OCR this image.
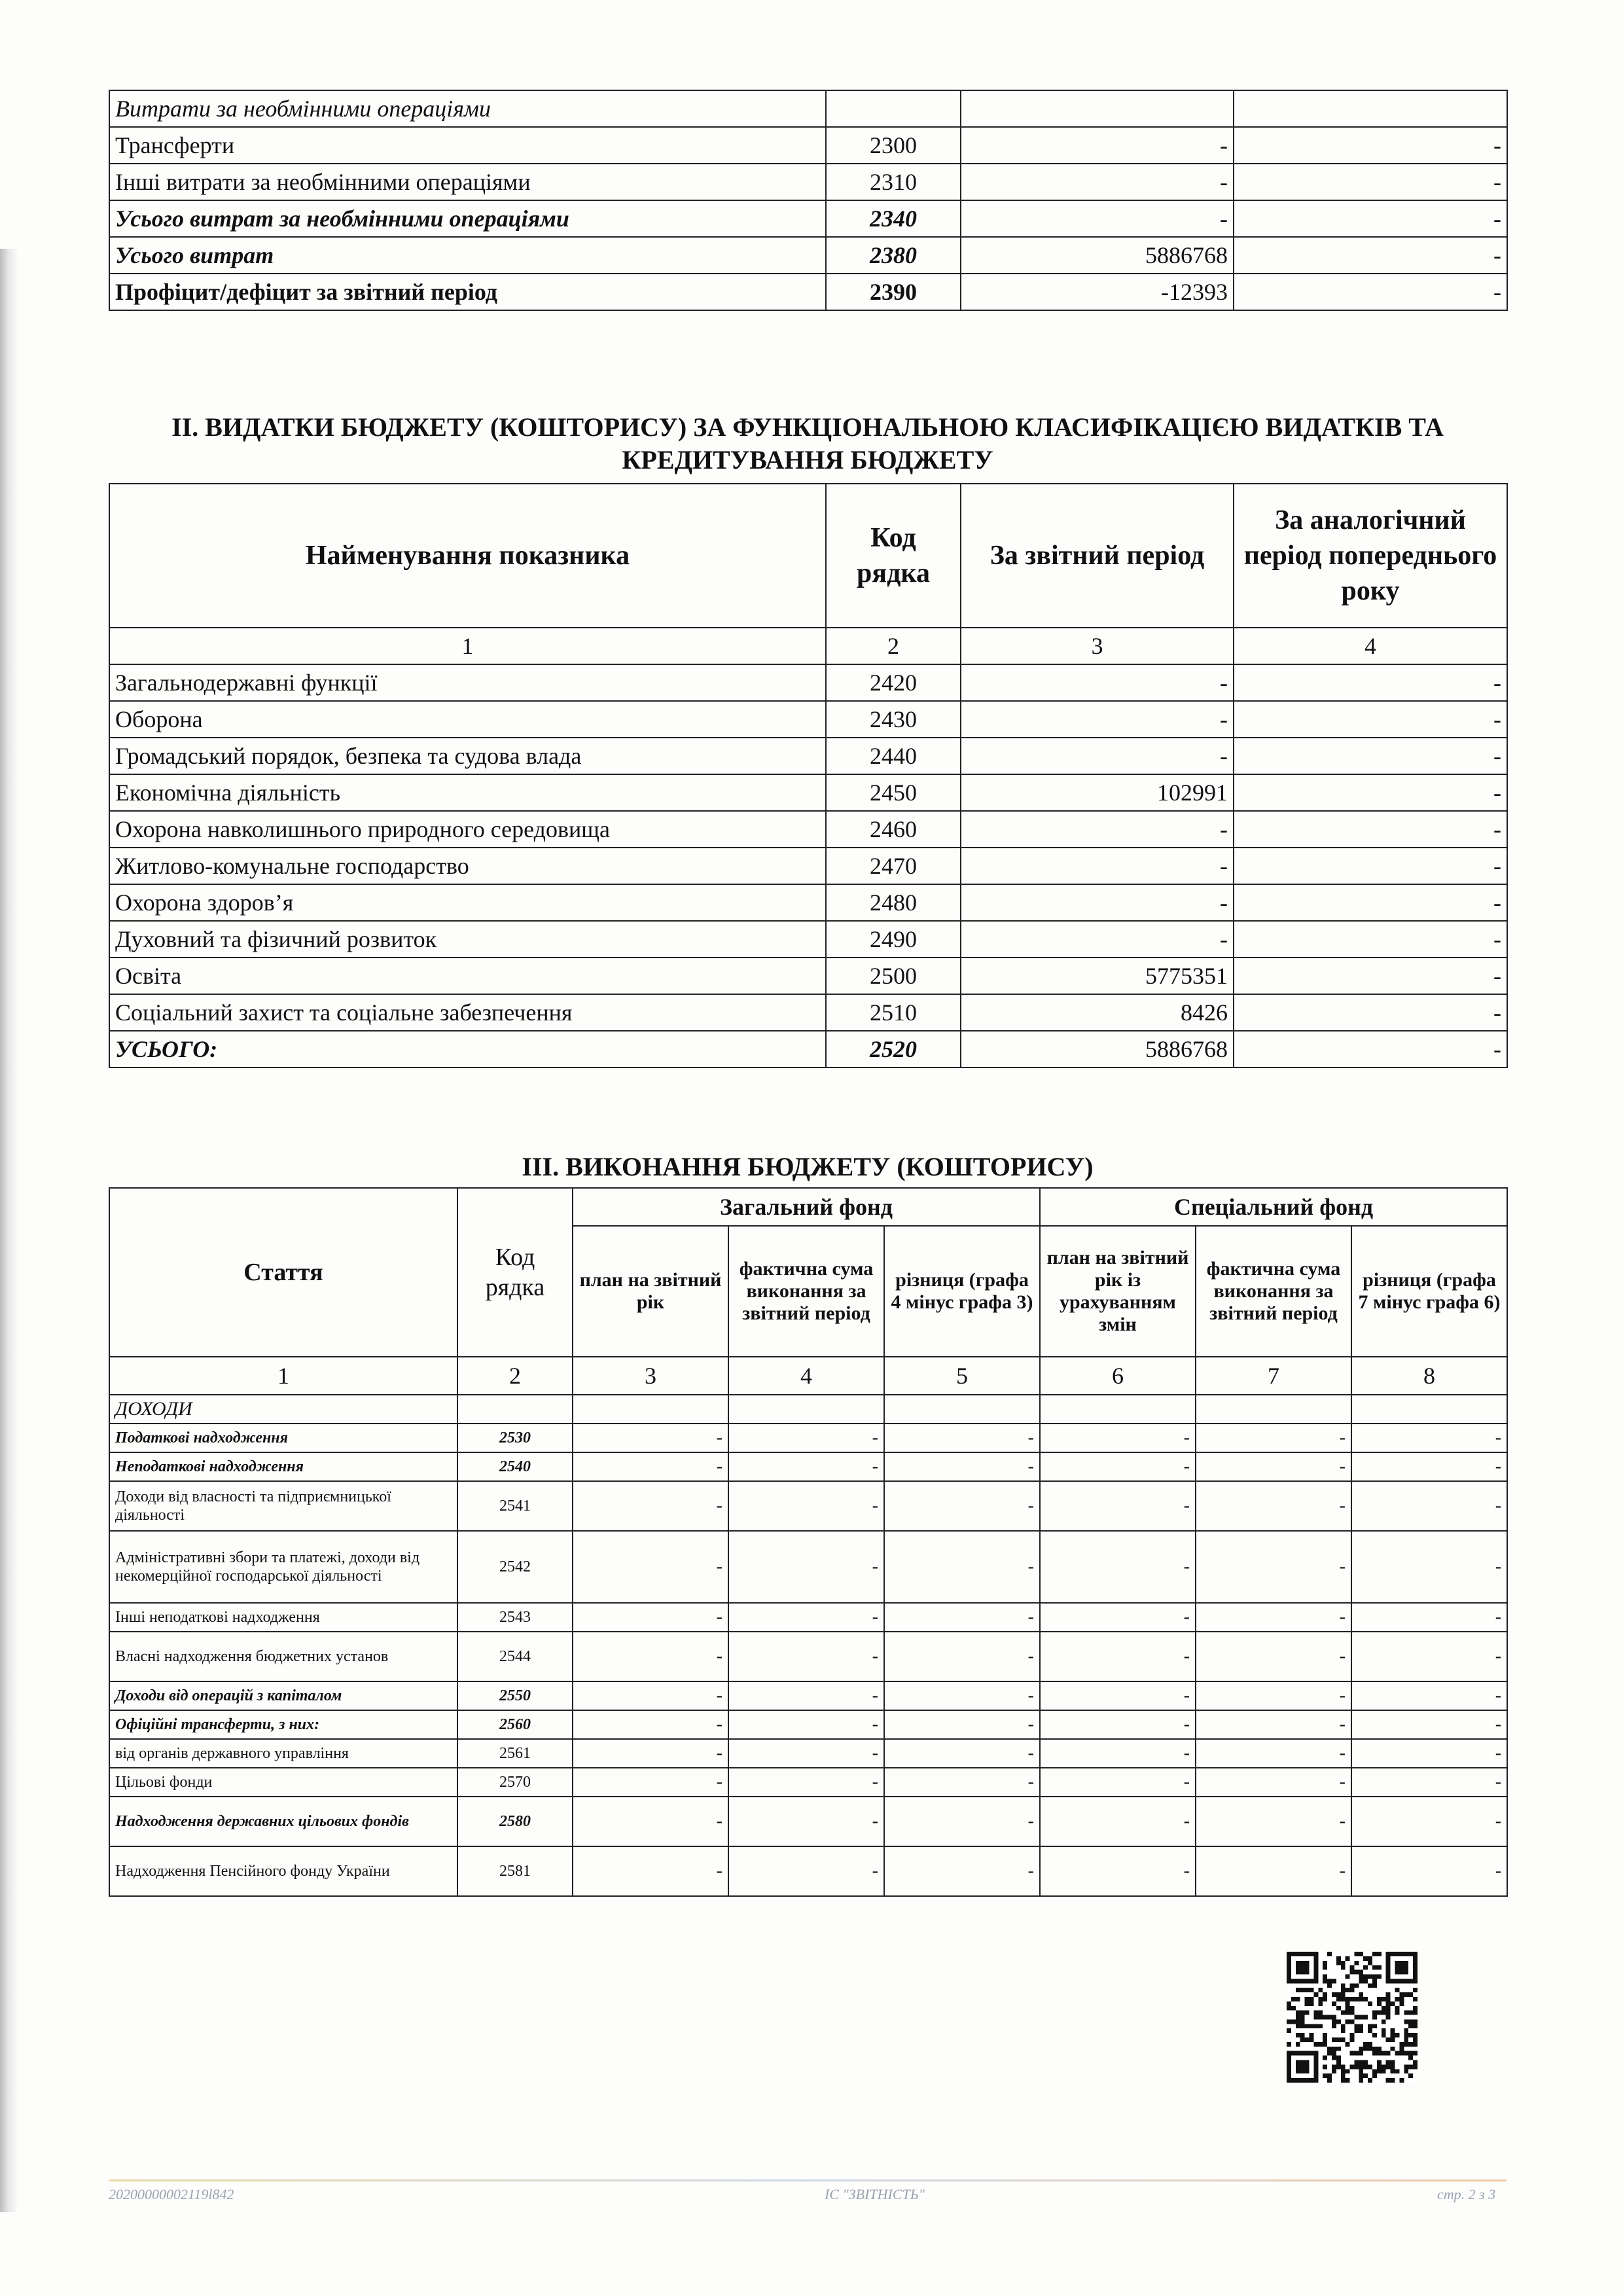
Витрати за необмінними операціями			
Трансферти	2300	-	-
Інші витрати за необмінними операціями	2310	-	-
Усього витрат за необмінними операціями	2340	-	-
Усього витрат	2380	5886768	-
Профіцит/дефіцит за звітний період	2390	-12393	-
II. ВИДАТКИ БЮДЖЕТУ (КОШТОРИСУ) ЗА ФУНКЦІОНАЛЬНОЮ КЛАСИФІКАЦІЄЮ ВИДАТКІВ ТА КРЕДИТУВАННЯ БЮДЖЕТУ
Найменування показника	Код рядка	За звітний період	За аналогічний період попереднього року
1	2	3	4
Загальнодержавні функції	2420	-	-
Оборона	2430	-	-
Громадський порядок, безпека та судова влада	2440	-	-
Економічна діяльність	2450	102991	-
Охорона навколишнього природного середовища	2460	-	-
Житлово-комунальне господарство	2470	-	-
Охорона здоров’я	2480	-	-
Духовний та фізичний розвиток	2490	-	-
Освіта	2500	5775351	-
Соціальний захист та соціальне забезпечення	2510	8426	-
УСЬОГО:	2520	5886768	-
III. ВИКОНАННЯ БЮДЖЕТУ (КОШТОРИСУ)
Стаття	Код рядка	Загальний фонд			Спеціальний фонд		
		план на звітний рік	фактична сума виконання за звітний період	різниця (графа 4 мінус графа 3)	план на звітний рік із урахуванням змін	фактична сума виконання за звітний період	різниця (графа 7 мінус графа 6)
1	2	3	4	5	6	7	8
ДОХОДИ							
Податкові надходження	2530	-	-	-	-	-	-
Неподаткові надходження	2540	-	-	-	-	-	-
Доходи від власності та підприємницької діяльності	2541	-	-	-	-	-	-
Адміністративні збори та платежі, доходи від некомерційної господарської діяльності	2542	-	-	-	-	-	-
Інші неподаткові надходження	2543	-	-	-	-	-	-
Власні надходження бюджетних установ	2544	-	-	-	-	-	-
Доходи від операцій з капіталом	2550	-	-	-	-	-	-
Офіційні трансферти, з них:	2560	-	-	-	-	-	-
від органів державного управління	2561	-	-	-	-	-	-
Цільові фонди	2570	-	-	-	-	-	-
Надходження державних цільових фондів	2580	-	-	-	-	-	-
Надходження Пенсійного фонду України	2581	-	-	-	-	-	-
20200000002119l842	ІС "ЗВІТНІСТЬ"	стр. 2 з 3
